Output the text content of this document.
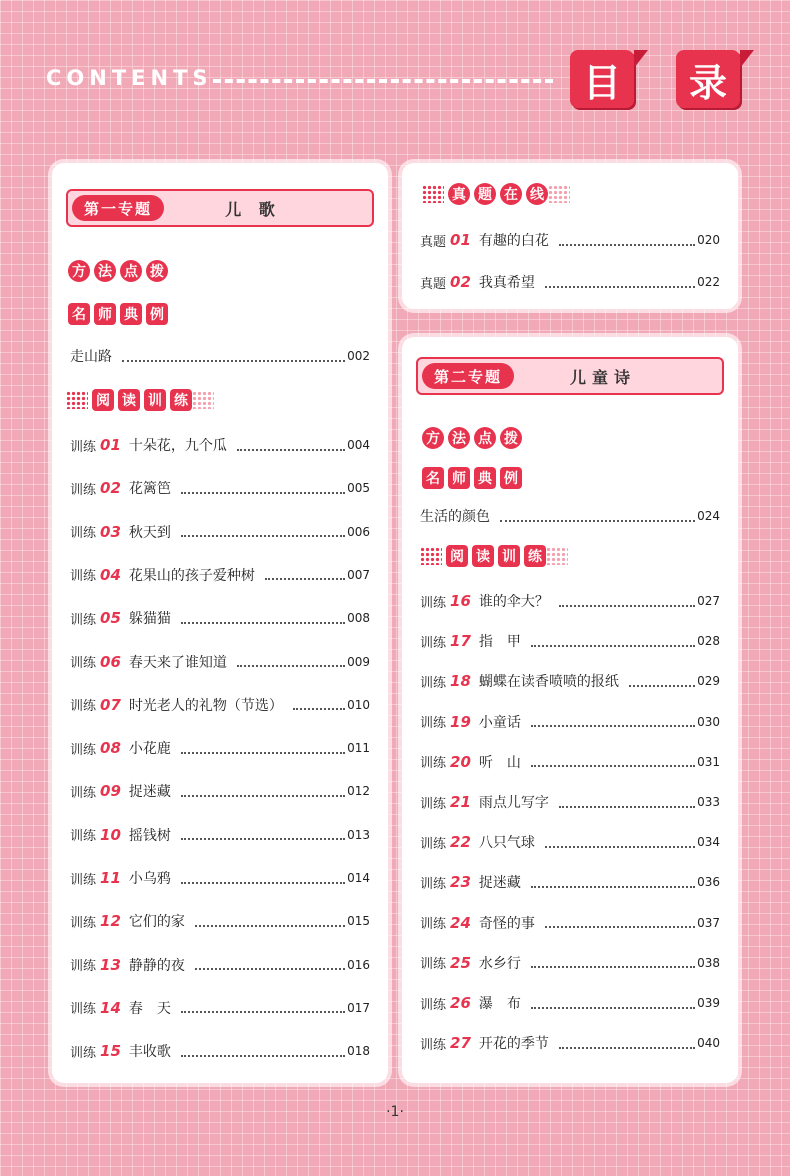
CONTENTS	目	录
第一专题	儿 歌
方 法 点 拨
名 师 典 例
走山路	002
阅 读 训 练
训练 01 十朵花，九个瓜	004
训练 02 花篱笆	005
训练 03 秋天到	006
训练 04 花果山的孩子爱种树	007
训练 05 躲猫猫	008
训练 06 春天来了谁知道	009
训练 07 时光老人的礼物（节选）	010
训练 08 小花鹿	011
训练 09 捉迷藏	012
训练 10 摇钱树	013
训练 11 小乌鸦	014
训练 12 它们的家	015
训练 13 静静的夜	016
训练 14 春　天	017
训练 15 丰收歌	018
真 题 在 线
真题 01 有趣的白花	020
真题 02 我真希望	022
第二专题	儿童诗
方 法 点 拨
名 师 典 例
生活的颜色	024
阅 读 训 练
训练 16 谁的伞大？	027
训练 17 指　甲	028
训练 18 蝴蝶在读香喷喷的报纸	029
训练 19 小童话	030
训练 20 听　山	031
训练 21 雨点儿写字	033
训练 22 八只气球	034
训练 23 捉迷藏	036
训练 24 奇怪的事	037
训练 25 水乡行	038
训练 26 瀑　布	039
训练 27 开花的季节	040
·1·
